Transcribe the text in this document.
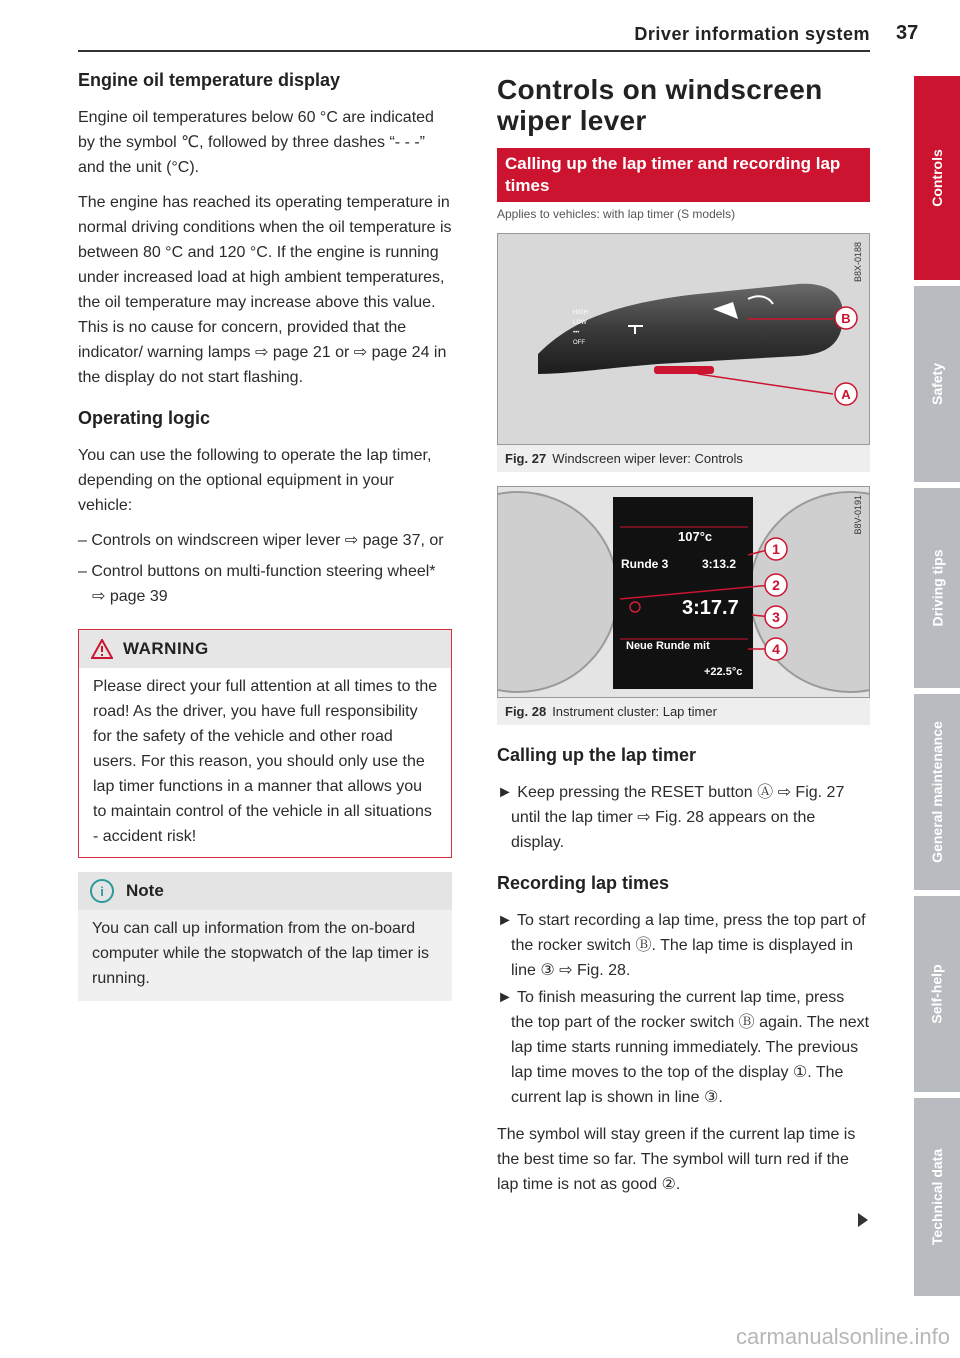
Driver information system 37
Engine oil temperature display

Engine oil temperatures below 60 °C are indicated by the symbol ℃, followed by three dashes “- - -” and the unit (°C).

The engine has reached its operating temperature in normal driving conditions when the oil temperature is between 80 °C and 120 °C. If the engine is running under increased load at high ambient temperatures, the oil temperature may increase above this value. This is no cause for concern, provided that the indicator/ warning lamps ⇨ page 21 or ⇨ page 24 in the display do not start flashing.

Operating logic

You can use the following to operate the lap timer, depending on the optional equipment in your vehicle:

– Controls on windscreen wiper lever ⇨ page 37, or
– Control buttons on multi-function steering wheel* ⇨ page 39
WARNING
Please direct your full attention at all times to the road! As the driver, you have full responsibility for the safety of the vehicle and other road users. For this reason, you should only use the lap timer functions in a manner that allows you to maintain control of the vehicle in all situations - accident risk!
i	Note
You can call up information from the on-board computer while the stopwatch of the lap timer is running.
Controls on windscreen wiper lever
Calling up the lap timer and recording lap times
Applies to vehicles: with lap timer (S models)
HIGH
LOW
•••
OFF
B
A
B8X-0188
Fig. 27 Windscreen wiper lever: Controls
1
2
3
4
107°c
Runde 3	3:13.2
3:17.7
Neue Runde mit
+22.5°c
B8V-0191
Fig. 28 Instrument cluster: Lap timer
Calling up the lap timer

► Keep pressing the RESET button Ⓐ ⇨ Fig. 27 until the lap timer ⇨ Fig. 28 appears on the display.

Recording lap times

► To start recording a lap time, press the top part of the rocker switch Ⓑ. The lap time is displayed in line ③ ⇨ Fig. 28.

► To finish measuring the current lap time, press the top part of the rocker switch Ⓑ again. The next lap time starts running immediately. The previous lap time moves to the top of the display ①. The current lap is shown in line ③.

The symbol will stay green if the current lap time is the best time so far. The symbol will turn red if the lap time is not as good ②.

Controls
Safety
Driving tips
General maintenance
Self-help
Technical data
carmanualsonline.info
